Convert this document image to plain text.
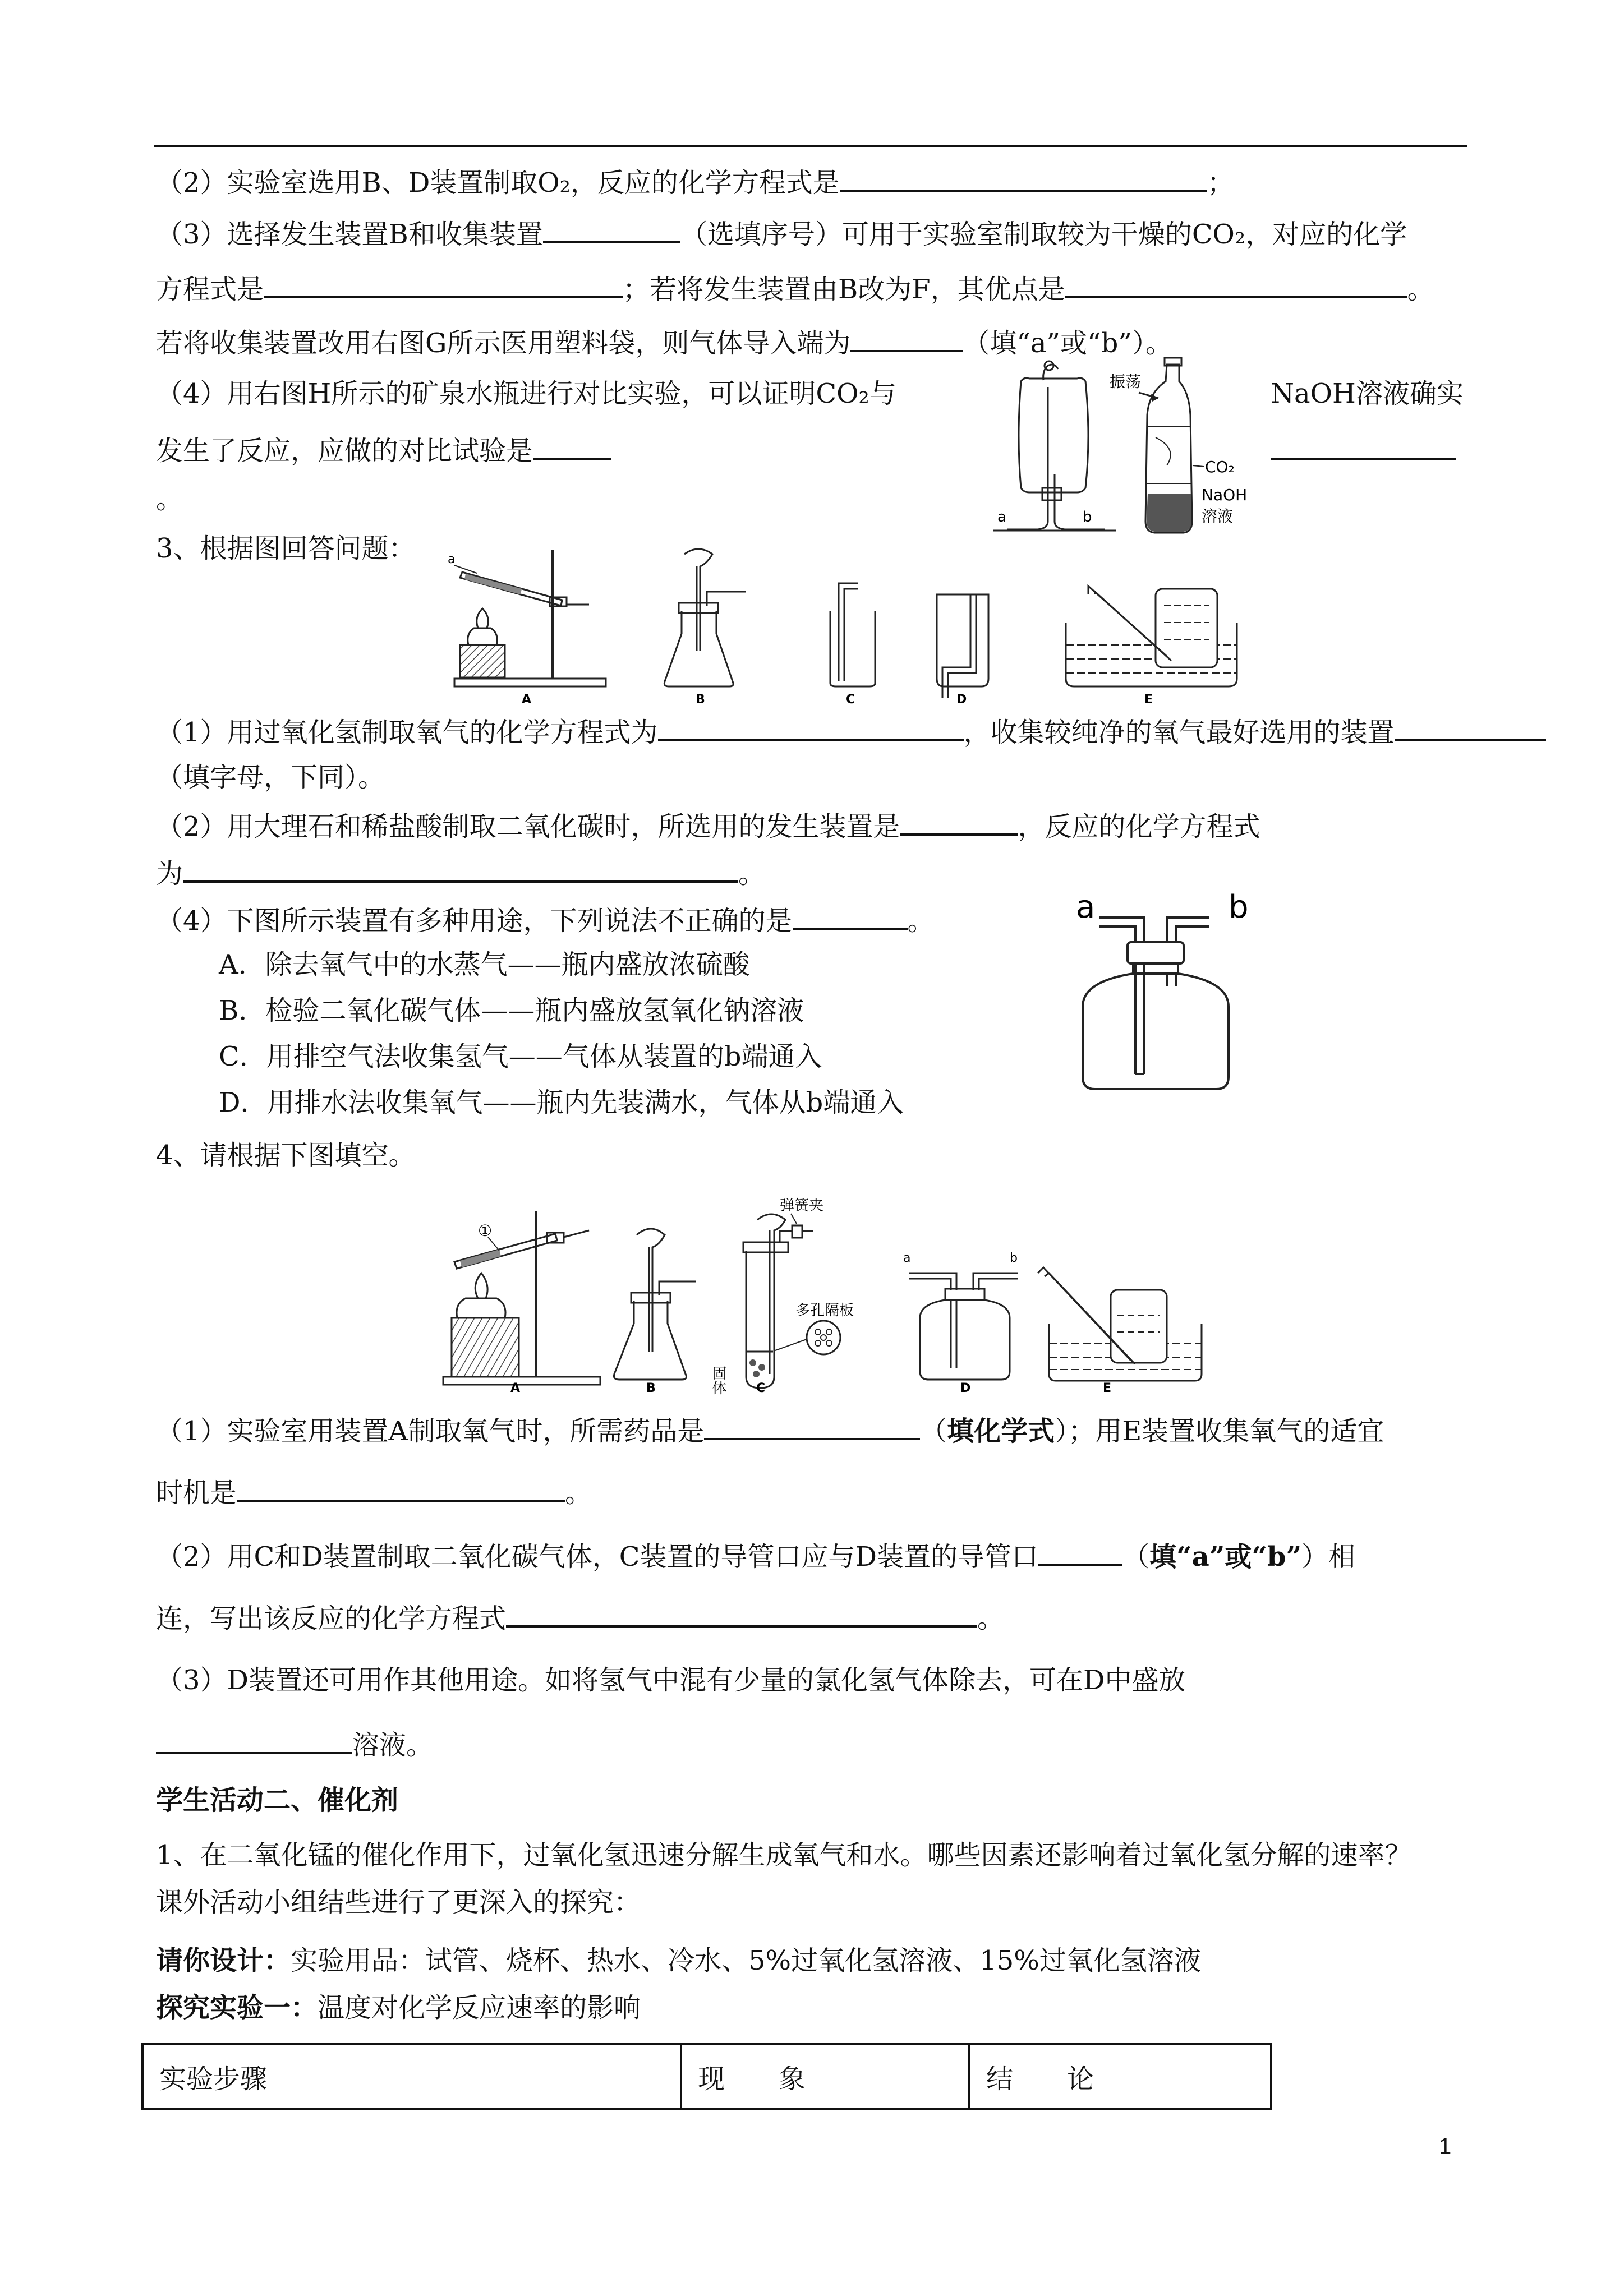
（2）实验室选用B、D装置制取O₂，反应的化学方程式是	；
（3）选择发生装置B和收集装置	（选填序号）可用于实验室制取较为干燥的CO₂，对应的化学
方程式是	；若将发生装置由B改为F，其优点是	。
若将收集装置改用右图G所示医用塑料袋，则气体导入端为	（填“a”或“b”）。
（4）用右图H所示的矿泉水瓶进行对比实验，可以证明CO₂与	NaOH溶液确实
发生了反应，应做的对比试验是
。
a	b
振荡
CO₂
NaOH
溶液
3、根据图回答问题：	a
A	B	C	D	E
（1）用过氧化氢制取氧气的化学方程式为	，收集较纯净的氧气最好选用的装置
（填字母，下同）。
（2）用大理石和稀盐酸制取二氧化碳时，所选用的发生装置是	，反应的化学方程式
为	。
（4）下图所示装置有多种用途，下列说法不正确的是	。
A．除去氧气中的水蒸气——瓶内盛放浓硫酸
B．检验二氧化碳气体——瓶内盛放氢氧化钠溶液
C．用排空气法收集氢气——气体从装置的b端通入
D．用排水法收集氧气——瓶内先装满水，气体从b端通入
a	b
4、请根据下图填空。
①
A	B
弹簧夹
多孔隔板
固体 C
a	b
D	E
（1）实验室用装置A制取氧气时，所需药品是	（填化学式）；用E装置收集氧气的适宜
时机是	。
（2）用C和D装置制取二氧化碳气体，C装置的导管口应与D装置的导管口	（填“a”或“b”）相
连，写出该反应的化学方程式	。
（3）D装置还可用作其他用途。如将氢气中混有少量的氯化氢气体除去，可在D中盛放
溶液。
学生活动二、催化剂
1、在二氧化锰的催化作用下，过氧化氢迅速分解生成氧气和水。哪些因素还影响着过氧化氢分解的速率？
课外活动小组结些进行了更深入的探究：
请你设计：实验用品：试管、烧杯、热水、冷水、5%过氧化氢溶液、15%过氧化氢溶液
探究实验一：温度对化学反应速率的影响
实验步骤	现　　象	结　　论
1
